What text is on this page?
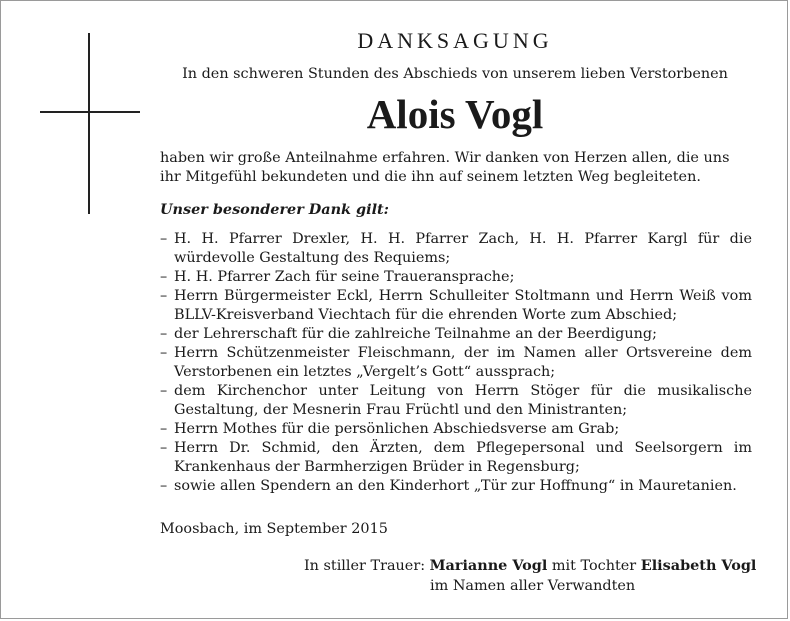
DANKSAGUNG
In den schweren Stunden des Abschieds von unserem lieben Verstorbenen
Alois Vogl
haben wir große Anteilnahme erfahren. Wir danken von Herzen allen, die uns ihr Mitgefühl bekundeten und die ihn auf seinem letzten Weg begleiteten.
Unser besonderer Dank gilt:
– H. H. Pfarrer Drexler, H. H. Pfarrer Zach, H. H. Pfarrer Kargl für die würdevolle Gestaltung des Requiems;
– H. H. Pfarrer Zach für seine Traueransprache;
– Herrn Bürgermeister Eckl, Herrn Schulleiter Stoltmann und Herrn Weiß vom BLLV-Kreisverband Viechtach für die ehrenden Worte zum Abschied;
– der Lehrerschaft für die zahlreiche Teilnahme an der Beerdigung;
– Herrn Schützenmeister Fleischmann, der im Namen aller Ortsvereine dem Verstorbenen ein letztes „Vergelt’s Gott“ aussprach;
– dem Kirchenchor unter Leitung von Herrn Stöger für die musikalische Gestaltung, der Mesnerin Frau Früchtl und den Ministranten;
– Herrn Mothes für die persönlichen Abschiedsverse am Grab;
– Herrn Dr. Schmid, den Ärzten, dem Pflegepersonal und Seelsorgern im Krankenhaus der Barmherzigen Brüder in Regensburg;
– sowie allen Spendern an den Kinderhort „Tür zur Hoffnung“ in Mauretanien.
Moosbach, im September 2015
In stiller Trauer: Marianne Vogl mit Tochter Elisabeth Vogl
im Namen aller Verwandten
